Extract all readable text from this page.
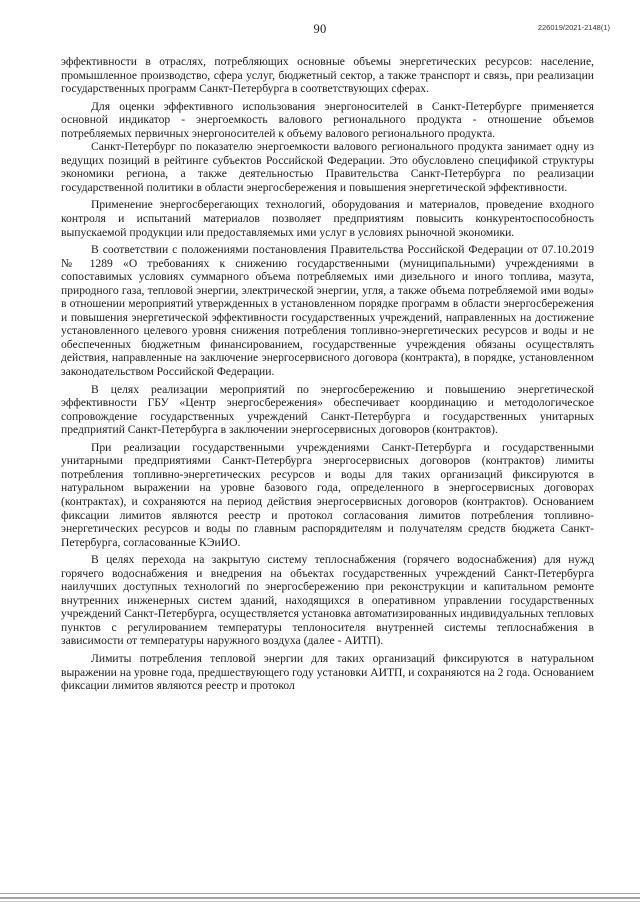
90	226019/2021-2148(1)

эффективности в отраслях, потребляющих основные объемы энергетических ресурсов: население, промышленное производство, сфера услуг, бюджетный сектор, а также транспорт и связь, при реализации государственных программ Санкт-Петербурга в соответствующих сферах.

Для оценки эффективного использования энергоносителей в Санкт-Петербурге применяется основной индикатор - энергоемкость валового регионального продукта - отношение объемов потребляемых первичных энергоносителей к объему валового регионального продукта.

Санкт-Петербург по показателю энергоемкости валового регионального продукта занимает одну из ведущих позиций в рейтинге субъектов Российской Федерации. Это обусловлено спецификой структуры экономики региона, а также деятельностью Правительства Санкт-Петербурга по реализации государственной политики в области энергосбережения и повышения энергетической эффективности.

Применение энергосберегающих технологий, оборудования и материалов, проведение входного контроля и испытаний материалов позволяет предприятиям повысить конкурентоспособность выпускаемой продукции или предоставляемых ими услуг в условиях рыночной экономики.

В соответствии с положениями постановления Правительства Российской Федерации от 07.10.2019 № 1289 «О требованиях к снижению государственными (муниципальными) учреждениями в сопоставимых условиях суммарного объема потребляемых ими дизельного и иного топлива, мазута, природного газа, тепловой энергии, электрической энергии, угля, а также объема потребляемой ими воды» в отношении мероприятий утвержденных в установленном порядке программ в области энергосбережения и повышения энергетической эффективности государственных учреждений, направленных на достижение установленного целевого уровня снижения потребления топливно-энергетических ресурсов и воды и не обеспеченных бюджетным финансированием, государственные учреждения обязаны осуществлять действия, направленные на заключение энергосервисного договора (контракта), в порядке, установленном законодательством Российской Федерации.

В целях реализации мероприятий по энергосбережению и повышению энергетической эффективности ГБУ «Центр энергосбережения» обеспечивает координацию и методологическое сопровождение государственных учреждений Санкт-Петербурга и государственных унитарных предприятий Санкт-Петербурга в заключении энергосервисных договоров (контрактов).

При реализации государственными учреждениями Санкт-Петербурга и государственными унитарными предприятиями Санкт-Петербурга энергосервисных договоров (контрактов) лимиты потребления топливно-энергетических ресурсов и воды для таких организаций фиксируются в натуральном выражении на уровне базового года, определенного в энергосервисных договорах (контрактах), и сохраняются на период действия энергосервисных договоров (контрактов). Основанием фиксации лимитов являются реестр и протокол согласования лимитов потребления топливно-энергетических ресурсов и воды по главным распорядителям и получателям средств бюджета Санкт-Петербурга, согласованные КЭиИО.

В целях перехода на закрытую систему теплоснабжения (горячего водоснабжения) для нужд горячего водоснабжения и внедрения на объектах государственных учреждений Санкт-Петербурга наилучших доступных технологий по энергосбережению при реконструкции и капитальном ремонте внутренних инженерных систем зданий, находящихся в оперативном управлении государственных учреждений Санкт-Петербурга, осуществляется установка автоматизированных индивидуальных тепловых пунктов с регулированием температуры теплоносителя внутренней системы теплоснабжения в зависимости от температуры наружного воздуха (далее - АИТП).

Лимиты потребления тепловой энергии для таких организаций фиксируются в натуральном выражении на уровне года, предшествующего году установки АИТП, и сохраняются на 2 года. Основанием фиксации лимитов являются реестр и протокол
